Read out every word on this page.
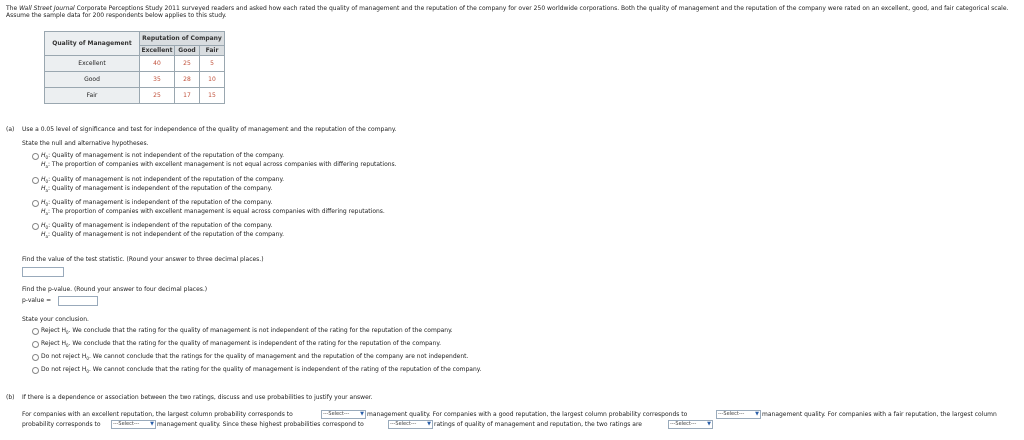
The Wall Street Journal Corporate Perceptions Study 2011 surveyed readers and asked how each rated the quality of management and the reputation of the company for over 250 worldwide corporations. Both the quality of management and the reputation of the company were rated on an excellent, good, and fair categorical scale. Assume the sample data for 200 respondents below applies to this study.
Quality of Management	Reputation of Company		
	Excellent	Good	Fair
Excellent	40	25	5
Good	35	28	10
Fair	25	17	15
(a) Use a 0.05 level of significance and test for independence of the quality of management and the reputation of the company.
State the null and alternative hypotheses.
$H_0$: Quality of management is not independent of the reputation of the company.
$H_a$: The proportion of companies with excellent management is not equal across companies with differing reputations.
$H_0$: Quality of management is not independent of the reputation of the company.
$H_a$: Quality of management is independent of the reputation of the company.
$H_0$: Quality of management is independent of the reputation of the company.
$H_a$: The proportion of companies with excellent management is equal across companies with differing reputations.
$H_0$: Quality of management is independent of the reputation of the company.
$H_a$: Quality of management is not independent of the reputation of the company.
Find the value of the test statistic. (Round your answer to three decimal places.)
Find the p-value. (Round your answer to four decimal places.)
p-value =
State your conclusion.
Reject $H_0$. We conclude that the rating for the quality of management is not independent of the rating for the reputation of the company.
Reject $H_0$. We conclude that the rating for the quality of management is independent of the rating for the reputation of the company.
Do not reject $H_0$. We cannot conclude that the ratings for the quality of management and the reputation of the company are not independent.
Do not reject $H_0$. We cannot conclude that the rating for the quality of management is independent of the rating of the reputation of the company.
(b) If there is a dependence or association between the two ratings, discuss and use probabilities to justify your answer.
For companies with an excellent reputation, the largest column probability corresponds to	---Select--- ▼ management quality. For companies with a good reputation, the largest column probability corresponds to	---Select--- ▼ management quality. For companies with a fair reputation, the largest column
probability corresponds to	---Select--- ▼ management quality. Since these highest probabilities correspond to	---Select--- ▼ ratings of quality of management and reputation, the two ratings are	---Select--- ▼
